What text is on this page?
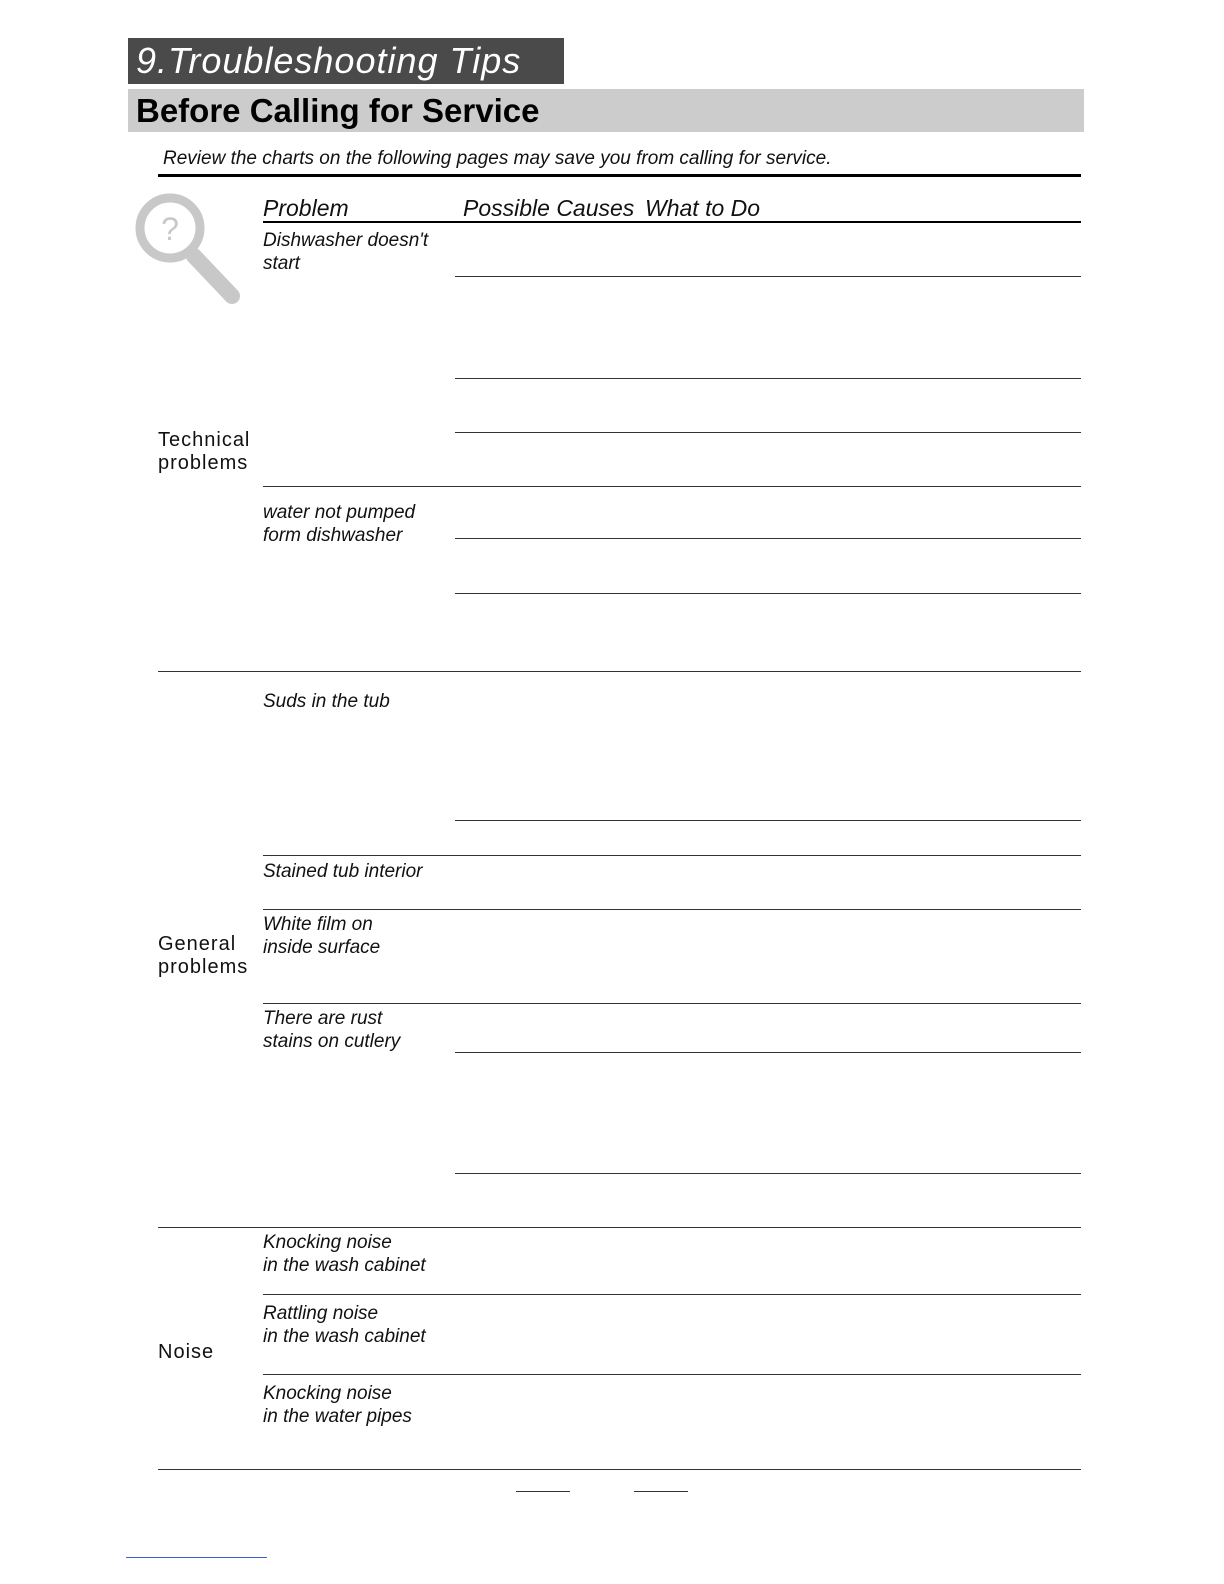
9.Troubleshooting Tips
Before Calling for Service
Review the charts on the following pages may save you from calling for service.
?
Problem	Possible Causes What to Do
Technical
problems
General
problems
Noise
Dishwasher doesn't
start
water not pumped
form dishwasher
Suds in the tub
Stained tub interior
White film on
inside surface
There are rust
stains on cutlery
Knocking noise
in the wash cabinet
Rattling noise
in the wash cabinet
Knocking noise
in the water pipes
